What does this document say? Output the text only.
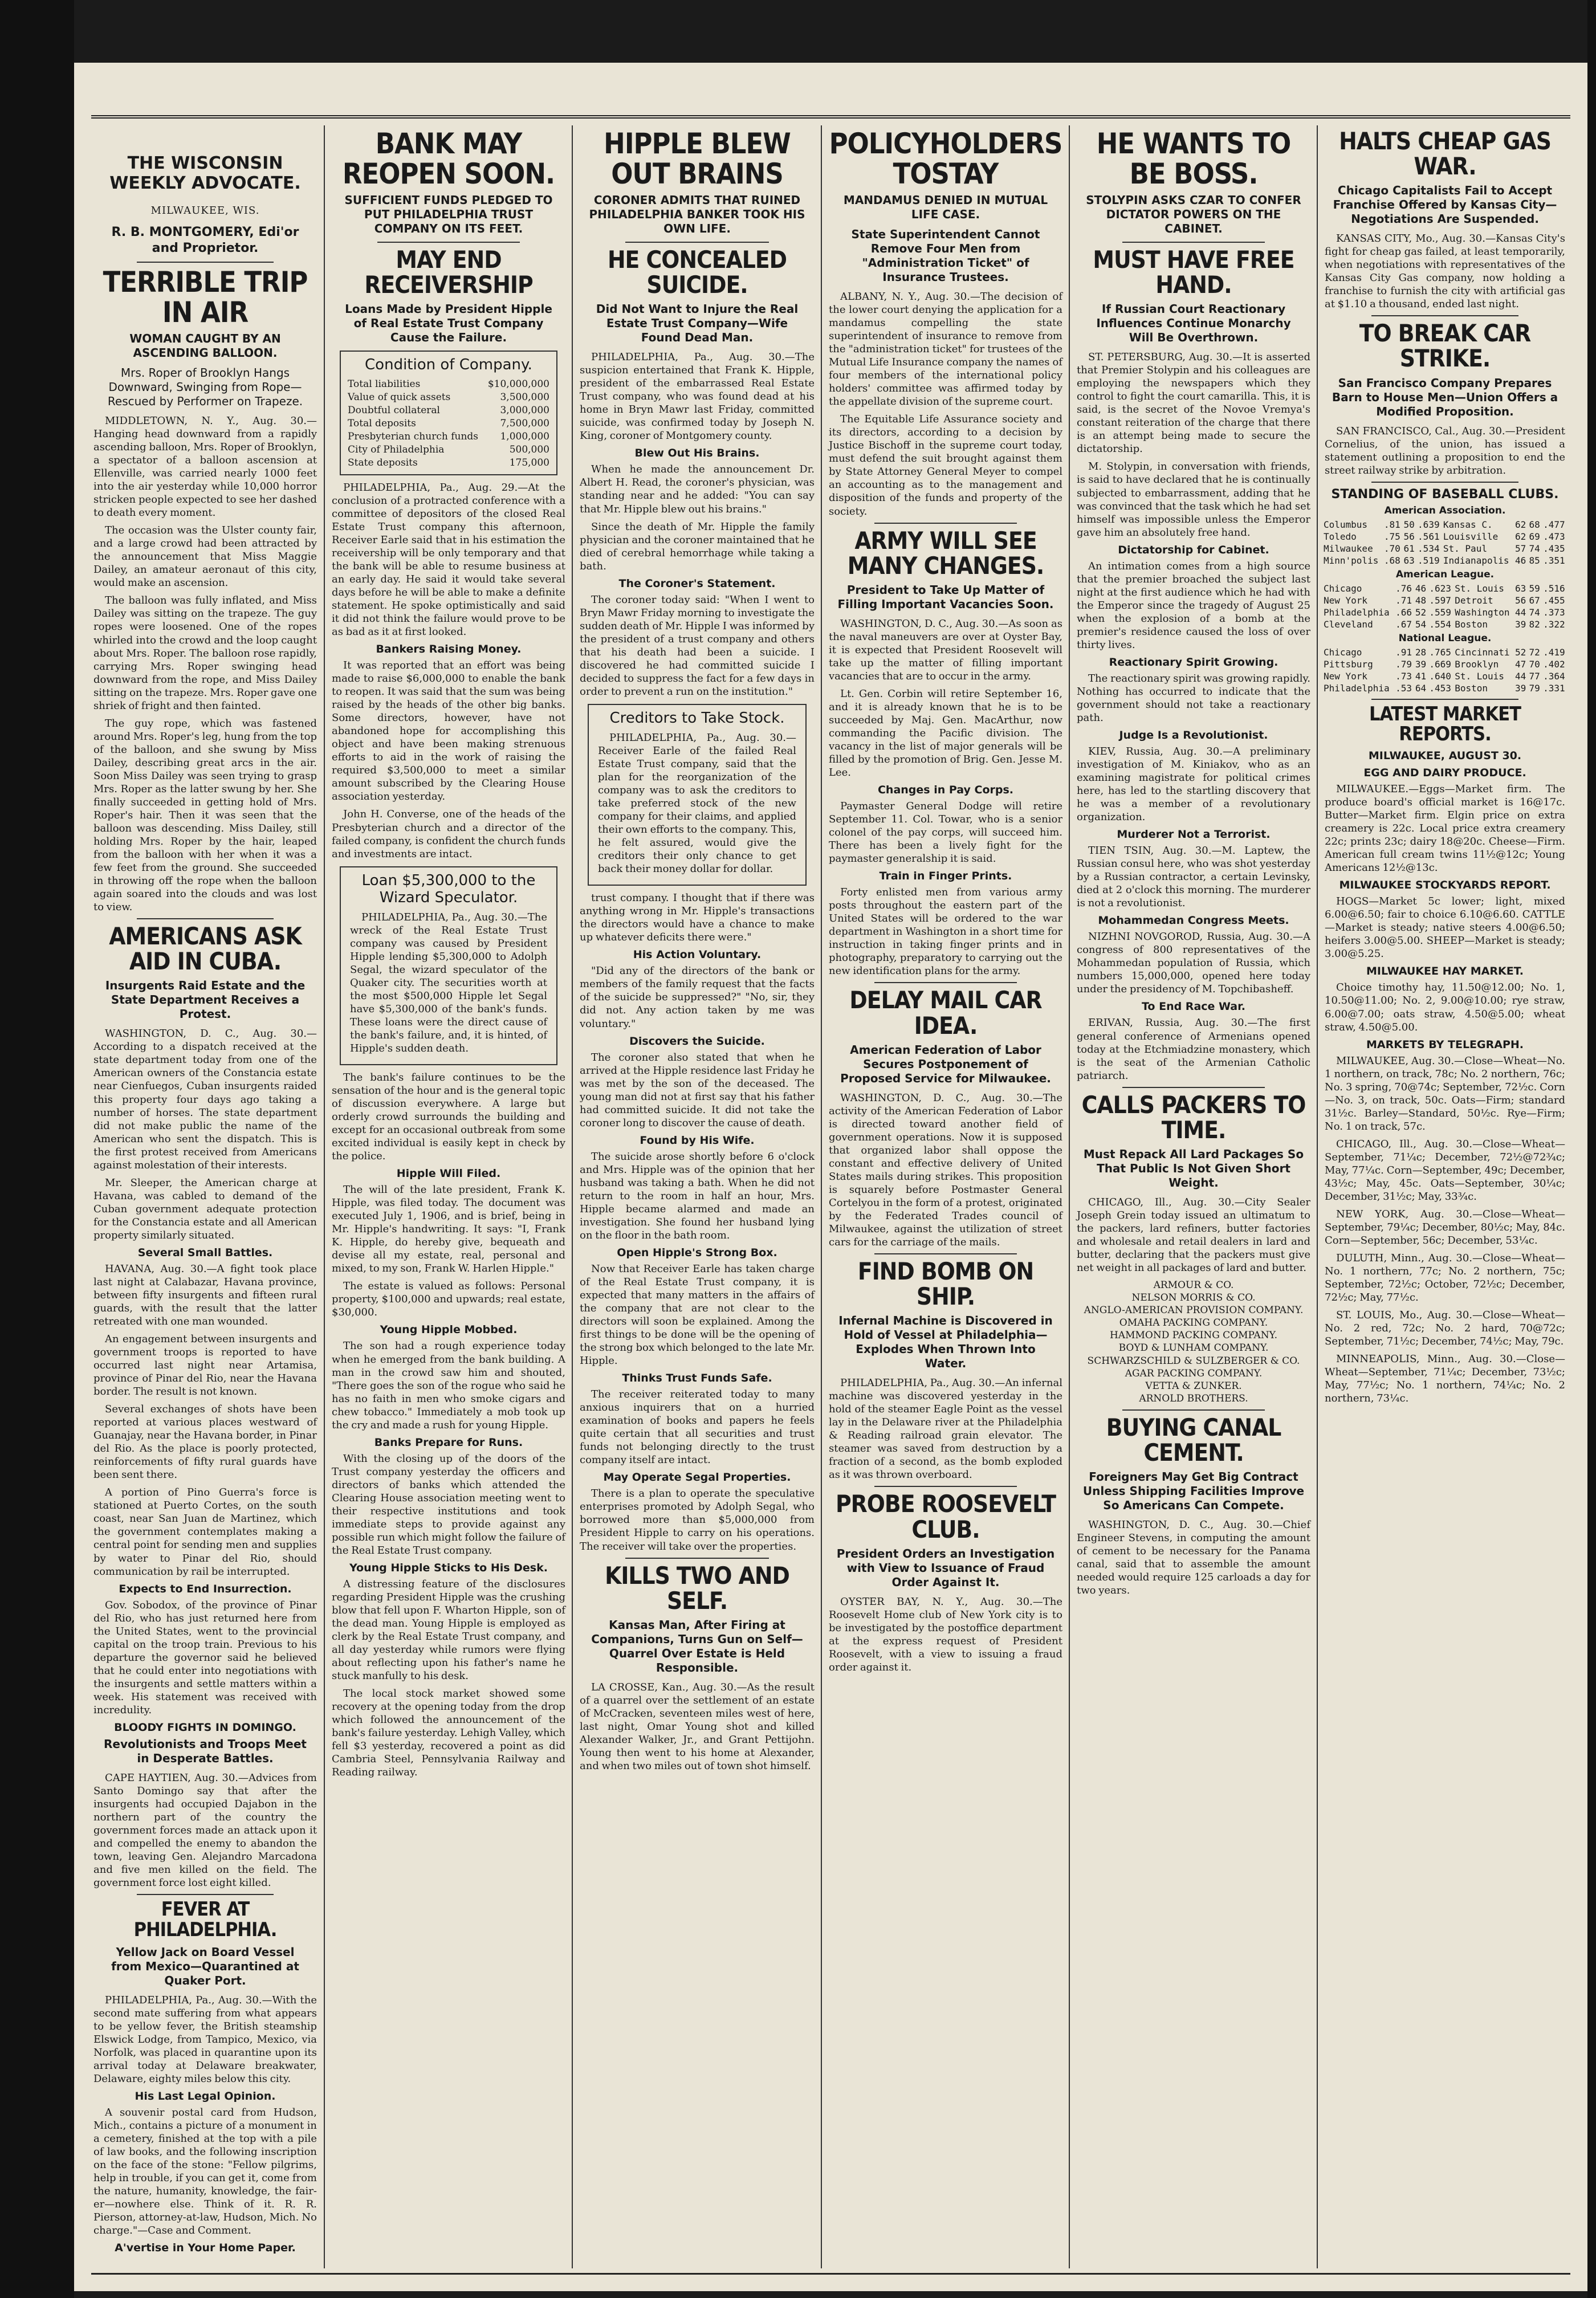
THE WISCONSIN WEEKLY ADVOCATE.
MILWAUKEE, WIS.
R. B. MONTGOMERY, Edi'or and Proprietor.
TERRIBLE TRIP IN AIR
WOMAN CAUGHT BY AN ASCENDING BALLOON.
Mrs. Roper of Brooklyn Hangs Downward, Swinging from Rope—Rescued by Performer on Trapeze.

MIDDLETOWN, N. Y., Aug. 30.—Hanging head downward from a rapidly ascending balloon, Mrs. Roper of Brooklyn, a spectator of a balloon ascension at Ellenville, was carried nearly 1000 feet into the air yesterday while 10,000 horror stricken people expected to see her dashed to death every moment.

The occasion was the Ulster county fair, and a large crowd had been attracted by the announcement that Miss Maggie Dailey, an amateur aeronaut of this city, would make an ascension.

The balloon was fully inflated, and Miss Dailey was sitting on the trapeze. The guy ropes were loosened. One of the ropes whirled into the crowd and the loop caught about Mrs. Roper. The balloon rose rapidly, carrying Mrs. Roper swinging head downward from the rope, and Miss Dailey sitting on the trapeze. Mrs. Roper gave one shriek of fright and then fainted.

The guy rope, which was fastened around Mrs. Roper's leg, hung from the top of the balloon, and she swung by Miss Dailey, describing great arcs in the air. Soon Miss Dailey was seen trying to grasp Mrs. Roper as the latter swung by her. She finally succeeded in getting hold of Mrs. Roper's hair. Then it was seen that the balloon was descending. Miss Dailey, still holding Mrs. Roper by the hair, leaped from the balloon with her when it was a few feet from the ground. She succeeded in throwing off the rope when the balloon again soared into the clouds and was lost to view.

AMERICANS ASK AID IN CUBA.
Insurgents Raid Estate and the State Department Receives a Protest.

WASHINGTON, D. C., Aug. 30.—According to a dispatch received at the state department today from one of the American owners of the Constancia estate near Cienfuegos, Cuban insurgents raided this property four days ago taking a number of horses. The state department did not make public the name of the American who sent the dispatch. This is the first protest received from Americans against molestation of their interests.

Mr. Sleeper, the American charge at Havana, was cabled to demand of the Cuban government adequate protection for the Constancia estate and all American property similarly situated.

Several Small Battles.

HAVANA, Aug. 30.—A fight took place last night at Calabazar, Havana province, between fifty insurgents and fifteen rural guards, with the result that the latter retreated with one man wounded.

An engagement between insurgents and government troops is reported to have occurred last night near Artamisa, province of Pinar del Rio, near the Havana border. The result is not known.

Several exchanges of shots have been reported at various places westward of Guanajay, near the Havana border, in Pinar del Rio. As the place is poorly protected, reinforcements of fifty rural guards have been sent there.

A portion of Pino Guerra's force is stationed at Puerto Cortes, on the south coast, near San Juan de Martinez, which the government contemplates making a central point for sending men and supplies by water to Pinar del Rio, should communication by rail be interrupted.

Expects to End Insurrection.

Gov. Sobodox, of the province of Pinar del Rio, who has just returned here from the United States, went to the provincial capital on the troop train. Previous to his departure the governor said he believed that he could enter into negotiations with the insurgents and settle matters within a week. His statement was received with incredulity.

BLOODY FIGHTS IN DOMINGO.
Revolutionists and Troops Meet in Desperate Battles.

CAPE HAYTIEN, Aug. 30.—Advices from Santo Domingo say that after the insurgents had occupied Dajabon in the northern part of the country the government forces made an attack upon it and compelled the enemy to abandon the town, leaving Gen. Alejandro Marcadona and five men killed on the field. The government force lost eight killed.

FEVER AT PHILADELPHIA.
Yellow Jack on Board Vessel from Mexico—Quarantined at Quaker Port.

PHILADELPHIA, Pa., Aug. 30.—With the second mate suffering from what appears to be yellow fever, the British steamship Elswick Lodge, from Tampico, Mexico, via Norfolk, was placed in quarantine upon its arrival today at Delaware breakwater, Delaware, eighty miles below this city.

His Last Legal Opinion.

A souvenir postal card from Hudson, Mich., contains a picture of a monument in a cemetery, finished at the top with a pile of law books, and the following inscription on the face of the stone: "Fellow pilgrims, help in trouble, if you can get it, come from the nature, humanity, knowledge, the fair-er—nowhere else. Think of it. R. R. Pierson, attorney-at-law, Hudson, Mich. No charge."—Case and Comment.

A'vertise in Your Home Paper.
BANK MAY REOPEN SOON.
SUFFICIENT FUNDS PLEDGED TO PUT PHILADELPHIA TRUST COMPANY ON ITS FEET.
MAY END RECEIVERSHIP
Loans Made by President Hipple of Real Estate Trust Company Cause the Failure.
Condition of Company.
Total liabilities	$10,000,000
Value of quick assets	3,500,000
Doubtful collateral	3,000,000
Total deposits	7,500,000
Presbyterian church funds 1,000,000
City of Philadelphia	500,000
State deposits	175,000

PHILADELPHIA, Pa., Aug. 29.—At the conclusion of a protracted conference with a committee of depositors of the closed Real Estate Trust company this afternoon, Receiver Earle said that in his estimation the receivership will be only temporary and that the bank will be able to resume business at an early day. He said it would take several days before he will be able to make a definite statement. He spoke optimistically and said it did not think the failure would prove to be as bad as it at first looked.

Bankers Raising Money.

It was reported that an effort was being made to raise $6,000,000 to enable the bank to reopen. It was said that the sum was being raised by the heads of the other big banks. Some directors, however, have not abandoned hope for accomplishing this object and have been making strenuous efforts to aid in the work of raising the required $3,500,000 to meet a similar amount subscribed by the Clearing House association yesterday.

John H. Converse, one of the heads of the Presbyterian church and a director of the failed company, is confident the church funds and investments are intact.

Loan $5,300,000 to the Wizard Speculator.

PHILADELPHIA, Pa., Aug. 30.—The wreck of the Real Estate Trust company was caused by President Hipple lending $5,300,000 to Adolph Segal, the wizard speculator of the Quaker city. The securities worth at the most $500,000 Hipple let Segal have $5,300,000 of the bank's funds. These loans were the direct cause of the bank's failure, and, it is hinted, of Hipple's sudden death.

The bank's failure continues to be the sensation of the hour and is the general topic of discussion everywhere. A large but orderly crowd surrounds the building and except for an occasional outbreak from some excited individual is easily kept in check by the police.

Hipple Will Filed.

The will of the late president, Frank K. Hipple, was filed today. The document was executed July 1, 1906, and is brief, being in Mr. Hipple's handwriting. It says: "I, Frank K. Hipple, do hereby give, bequeath and devise all my estate, real, personal and mixed, to my son, Frank W. Harlen Hipple."

The estate is valued as follows: Personal property, $100,000 and upwards; real estate, $30,000.

Young Hipple Mobbed.

The son had a rough experience today when he emerged from the bank building. A man in the crowd saw him and shouted, "There goes the son of the rogue who said he has no faith in men who smoke cigars and chew tobacco." Immediately a mob took up the cry and made a rush for young Hipple.

Banks Prepare for Runs.

With the closing up of the doors of the Trust company yesterday the officers and directors of banks which attended the Clearing House association meeting went to their respective institutions and took immediate steps to provide against any possible run which might follow the failure of the Real Estate Trust company.

Young Hipple Sticks to His Desk.

A distressing feature of the disclosures regarding President Hipple was the crushing blow that fell upon F. Wharton Hipple, son of the dead man. Young Hipple is employed as clerk by the Real Estate Trust company, and all day yesterday while rumors were flying about reflecting upon his father's name he stuck manfully to his desk.

The local stock market showed some recovery at the opening today from the drop which followed the announcement of the bank's failure yesterday. Lehigh Valley, which fell $3 yesterday, recovered a point as did Cambria Steel, Pennsylvania Railway and Reading railway.

HIPPLE BLEW OUT BRAINS
CORONER ADMITS THAT RUINED PHILADELPHIA BANKER TOOK HIS OWN LIFE.
HE CONCEALED SUICIDE.
Did Not Want to Injure the Real Estate Trust Company—Wife Found Dead Man.

PHILADELPHIA, Pa., Aug. 30.—The suspicion entertained that Frank K. Hipple, president of the embarrassed Real Estate Trust company, who was found dead at his home in Bryn Mawr last Friday, committed suicide, was confirmed today by Joseph N. King, coroner of Montgomery county.

Blew Out His Brains.

When he made the announcement Dr. Albert H. Read, the coroner's physician, was standing near and he added: "You can say that Mr. Hipple blew out his brains."

Since the death of Mr. Hipple the family physician and the coroner maintained that he died of cerebral hemorrhage while taking a bath.

The Coroner's Statement.

The coroner today said: "When I went to Bryn Mawr Friday morning to investigate the sudden death of Mr. Hipple I was informed by the president of a trust company and others that his death had been a suicide. I discovered he had committed suicide I decided to suppress the fact for a few days in order to prevent a run on the institution."

Creditors to Take Stock.

PHILADELPHIA, Pa., Aug. 30.—Receiver Earle of the failed Real Estate Trust company, said that the plan for the reorganization of the company was to ask the creditors to take preferred stock of the new company for their claims, and applied their own efforts to the company. This, he felt assured, would give the creditors their only chance to get back their money dollar for dollar.

trust company. I thought that if there was anything wrong in Mr. Hipple's transactions the directors would have a chance to make up whatever deficits there were."

His Action Voluntary.

"Did any of the directors of the bank or members of the family request that the facts of the suicide be suppressed?" "No, sir, they did not. Any action taken by me was voluntary."

Discovers the Suicide.

The coroner also stated that when he arrived at the Hipple residence last Friday he was met by the son of the deceased. The young man did not at first say that his father had committed suicide. It did not take the coroner long to discover the cause of death.

Found by His Wife.

The suicide arose shortly before 6 o'clock and Mrs. Hipple was of the opinion that her husband was taking a bath. When he did not return to the room in half an hour, Mrs. Hipple became alarmed and made an investigation. She found her husband lying on the floor in the bath room.

Open Hipple's Strong Box.

Now that Receiver Earle has taken charge of the Real Estate Trust company, it is expected that many matters in the affairs of the company that are not clear to the directors will soon be explained. Among the first things to be done will be the opening of the strong box which belonged to the late Mr. Hipple.

Thinks Trust Funds Safe.

The receiver reiterated today to many anxious inquirers that on a hurried examination of books and papers he feels quite certain that all securities and trust funds not belonging directly to the trust company itself are intact.

May Operate Segal Properties.

There is a plan to operate the speculative enterprises promoted by Adolph Segal, who borrowed more than $5,000,000 from President Hipple to carry on his operations. The receiver will take over the properties.

KILLS TWO AND SELF.
Kansas Man, After Firing at Companions, Turns Gun on Self—Quarrel Over Estate is Held Responsible.

LA CROSSE, Kan., Aug. 30.—As the result of a quarrel over the settlement of an estate of McCracken, seventeen miles west of here, last night, Omar Young shot and killed Alexander Walker, Jr., and Grant Pettijohn. Young then went to his home at Alexander, and when two miles out of town shot himself.

POLICYHOLDERS TOSTAY
MANDAMUS DENIED IN MUTUAL LIFE CASE.
State Superintendent Cannot Remove Four Men from "Administration Ticket" of Insurance Trustees.

ALBANY, N. Y., Aug. 30.—The decision of the lower court denying the application for a mandamus compelling the state superintendent of insurance to remove from the "administration ticket" for trustees of the Mutual Life Insurance company the names of four members of the international policy holders' committee was affirmed today by the appellate division of the supreme court.

The Equitable Life Assurance society and its directors, according to a decision by Justice Bischoff in the supreme court today, must defend the suit brought against them by State Attorney General Meyer to compel an accounting as to the management and disposition of the funds and property of the society.

ARMY WILL SEE MANY CHANGES.
President to Take Up Matter of Filling Important Vacancies Soon.

WASHINGTON, D. C., Aug. 30.—As soon as the naval maneuvers are over at Oyster Bay, it is expected that President Roosevelt will take up the matter of filling important vacancies that are to occur in the army.

Lt. Gen. Corbin will retire September 16, and it is already known that he is to be succeeded by Maj. Gen. MacArthur, now commanding the Pacific division. The vacancy in the list of major generals will be filled by the promotion of Brig. Gen. Jesse M. Lee.

Changes in Pay Corps.

Paymaster General Dodge will retire September 11. Col. Towar, who is a senior colonel of the pay corps, will succeed him. There has been a lively fight for the paymaster generalship it is said.

Train in Finger Prints.

Forty enlisted men from various army posts throughout the eastern part of the United States will be ordered to the war department in Washington in a short time for instruction in taking finger prints and in photography, preparatory to carrying out the new identification plans for the army.

DELAY MAIL CAR IDEA.
American Federation of Labor Secures Postponement of Proposed Service for Milwaukee.

WASHINGTON, D. C., Aug. 30.—The activity of the American Federation of Labor is directed toward another field of government operations. Now it is supposed that organized labor shall oppose the constant and effective delivery of United States mails during strikes. This proposition is squarely before Postmaster General Cortelyou in the form of a protest, originated by the Federated Trades council of Milwaukee, against the utilization of street cars for the carriage of the mails.

FIND BOMB ON SHIP.
Infernal Machine is Discovered in Hold of Vessel at Philadelphia—Explodes When Thrown Into Water.

PHILADELPHIA, Pa., Aug. 30.—An infernal machine was discovered yesterday in the hold of the steamer Eagle Point as the vessel lay in the Delaware river at the Philadelphia & Reading railroad grain elevator. The steamer was saved from destruction by a fraction of a second, as the bomb exploded as it was thrown overboard.

PROBE ROOSEVELT CLUB.
President Orders an Investigation with View to Issuance of Fraud Order Against It.

OYSTER BAY, N. Y., Aug. 30.—The Roosevelt Home club of New York city is to be investigated by the postoffice department at the express request of President Roosevelt, with a view to issuing a fraud order against it.

HE WANTS TO BE BOSS.
STOLYPIN ASKS CZAR TO CONFER DICTATOR POWERS ON THE CABINET.
MUST HAVE FREE HAND.
If Russian Court Reactionary Influences Continue Monarchy Will Be Overthrown.

ST. PETERSBURG, Aug. 30.—It is asserted that Premier Stolypin and his colleagues are employing the newspapers which they control to fight the court camarilla. This, it is said, is the secret of the Novoe Vremya's constant reiteration of the charge that there is an attempt being made to secure the dictatorship.

M. Stolypin, in conversation with friends, is said to have declared that he is continually subjected to embarrassment, adding that he was convinced that the task which he had set himself was impossible unless the Emperor gave him an absolutely free hand.

Dictatorship for Cabinet.

An intimation comes from a high source that the premier broached the subject last night at the first audience which he had with the Emperor since the tragedy of August 25 when the explosion of a bomb at the premier's residence caused the loss of over thirty lives.

Reactionary Spirit Growing.

The reactionary spirit was growing rapidly. Nothing has occurred to indicate that the government should not take a reactionary path.

Judge Is a Revolutionist.

KIEV, Russia, Aug. 30.—A preliminary investigation of M. Kiniakov, who as an examining magistrate for political crimes here, has led to the startling discovery that he was a member of a revolutionary organization.

Murderer Not a Terrorist.

TIEN TSIN, Aug. 30.—M. Laptew, the Russian consul here, who was shot yesterday by a Russian contractor, a certain Levinsky, died at 2 o'clock this morning. The murderer is not a revolutionist.

Mohammedan Congress Meets.

NIZHNI NOVGOROD, Russia, Aug. 30.—A congress of 800 representatives of the Mohammedan population of Russia, which numbers 15,000,000, opened here today under the presidency of M. Topchibasheff.

To End Race War.

ERIVAN, Russia, Aug. 30.—The first general conference of Armenians opened today at the Etchmiadzine monastery, which is the seat of the Armenian Catholic patriarch.

CALLS PACKERS TO TIME.
Must Repack All Lard Packages So That Public Is Not Given Short Weight.

CHICAGO, Ill., Aug. 30.—City Sealer Joseph Grein today issued an ultimatum to the packers, lard refiners, butter factories and wholesale and retail dealers in lard and butter, declaring that the packers must give net weight in all packages of lard and butter.

ARMOUR & CO.
NELSON MORRIS & CO.
ANGLO-AMERICAN PROVISION COMPANY.
OMAHA PACKING COMPANY.
HAMMOND PACKING COMPANY.
BOYD & LUNHAM COMPANY.
SCHWARZSCHILD & SULZBERGER & CO.
AGAR PACKING COMPANY.
VETTA & ZUNKER.
ARNOLD BROTHERS.
BUYING CANAL CEMENT.
Foreigners May Get Big Contract Unless Shipping Facilities Improve So Americans Can Compete.

WASHINGTON, D. C., Aug. 30.—Chief Engineer Stevens, in computing the amount of cement to be necessary for the Panama canal, said that to assemble the amount needed would require 125 carloads a day for two years.

HALTS CHEAP GAS WAR.
Chicago Capitalists Fail to Accept Franchise Offered by Kansas City—Negotiations Are Suspended.

KANSAS CITY, Mo., Aug. 30.—Kansas City's fight for cheap gas failed, at least temporarily, when negotiations with representatives of the Kansas City Gas company, now holding a franchise to furnish the city with artificial gas at $1.10 a thousand, ended last night.

TO BREAK CAR STRIKE.
San Francisco Company Prepares Barn to House Men—Union Offers a Modified Proposition.

SAN FRANCISCO, Cal., Aug. 30.—President Cornelius, of the union, has issued a statement outlining a proposition to end the street railway strike by arbitration.

STANDING OF BASEBALL CLUBS.
American Association.
Columbus	.81	50	.639	Kansas C.	62	68	.477
Toledo	.75	56	.561	Louisville	62	69	.473
Milwaukee	.70	61	.534	St. Paul	57	74	.435
Minn'polis	.68	63	.519	Indianapolis	46	85	.351
American League.
Chicago	.76	46	.623	St. Louis	63	59	.516
New York	.71	48	.597	Detroit	56	67	.455
Philadelphia	.66	52	.559	Washington	44	74	.373
Cleveland	.67	54	.554	Boston	39	82	.322
National League.
Chicago	.91	28	.765	Cincinnati	52	72	.419
Pittsburg	.79	39	.669	Brooklyn	47	70	.402
New York	.73	41	.640	St. Louis	44	77	.364
Philadelphia	.53	64	.453	Boston	39	79	.331
LATEST MARKET REPORTS.
MILWAUKEE, AUGUST 30.
EGG AND DAIRY PRODUCE.

MILWAUKEE.—Eggs—Market firm. The produce board's official market is 16@17c. Butter—Market firm. Elgin price on extra creamery is 22c. Local price extra creamery 22c; prints 23c; dairy 18@20c. Cheese—Firm. American full cream twins 11½@12c; Young Americans 12½@13c.

MILWAUKEE STOCKYARDS REPORT.

HOGS—Market 5c lower; light, mixed 6.00@6.50; fair to choice 6.10@6.60. CATTLE—Market is steady; native steers 4.00@6.50; heifers 3.00@5.00. SHEEP—Market is steady; 3.00@5.25.

MILWAUKEE HAY MARKET.

Choice timothy hay, 11.50@12.00; No. 1, 10.50@11.00; No. 2, 9.00@10.00; rye straw, 6.00@7.00; oats straw, 4.50@5.00; wheat straw, 4.50@5.00.

MARKETS BY TELEGRAPH.

MILWAUKEE, Aug. 30.—Close—Wheat—No. 1 northern, on track, 78c; No. 2 northern, 76c; No. 3 spring, 70@74c; September, 72½c. Corn—No. 3, on track, 50c. Oats—Firm; standard 31½c. Barley—Standard, 50½c. Rye—Firm; No. 1 on track, 57c.

CHICAGO, Ill., Aug. 30.—Close—Wheat—September, 71¼c; December, 72½@72¾c; May, 77¼c. Corn—September, 49c; December, 43½c; May, 45c. Oats—September, 30¼c; December, 31½c; May, 33¾c.

NEW YORK, Aug. 30.—Close—Wheat—September, 79¼c; December, 80½c; May, 84c. Corn—September, 56c; December, 53¼c.

DULUTH, Minn., Aug. 30.—Close—Wheat—No. 1 northern, 77c; No. 2 northern, 75c; September, 72½c; October, 72½c; December, 72½c; May, 77½c.

ST. LOUIS, Mo., Aug. 30.—Close—Wheat—No. 2 red, 72c; No. 2 hard, 70@72c; September, 71½c; December, 74½c; May, 79c.

MINNEAPOLIS, Minn., Aug. 30.—Close—Wheat—September, 71¼c; December, 73½c; May, 77½c; No. 1 northern, 74¼c; No. 2 northern, 73¼c.
